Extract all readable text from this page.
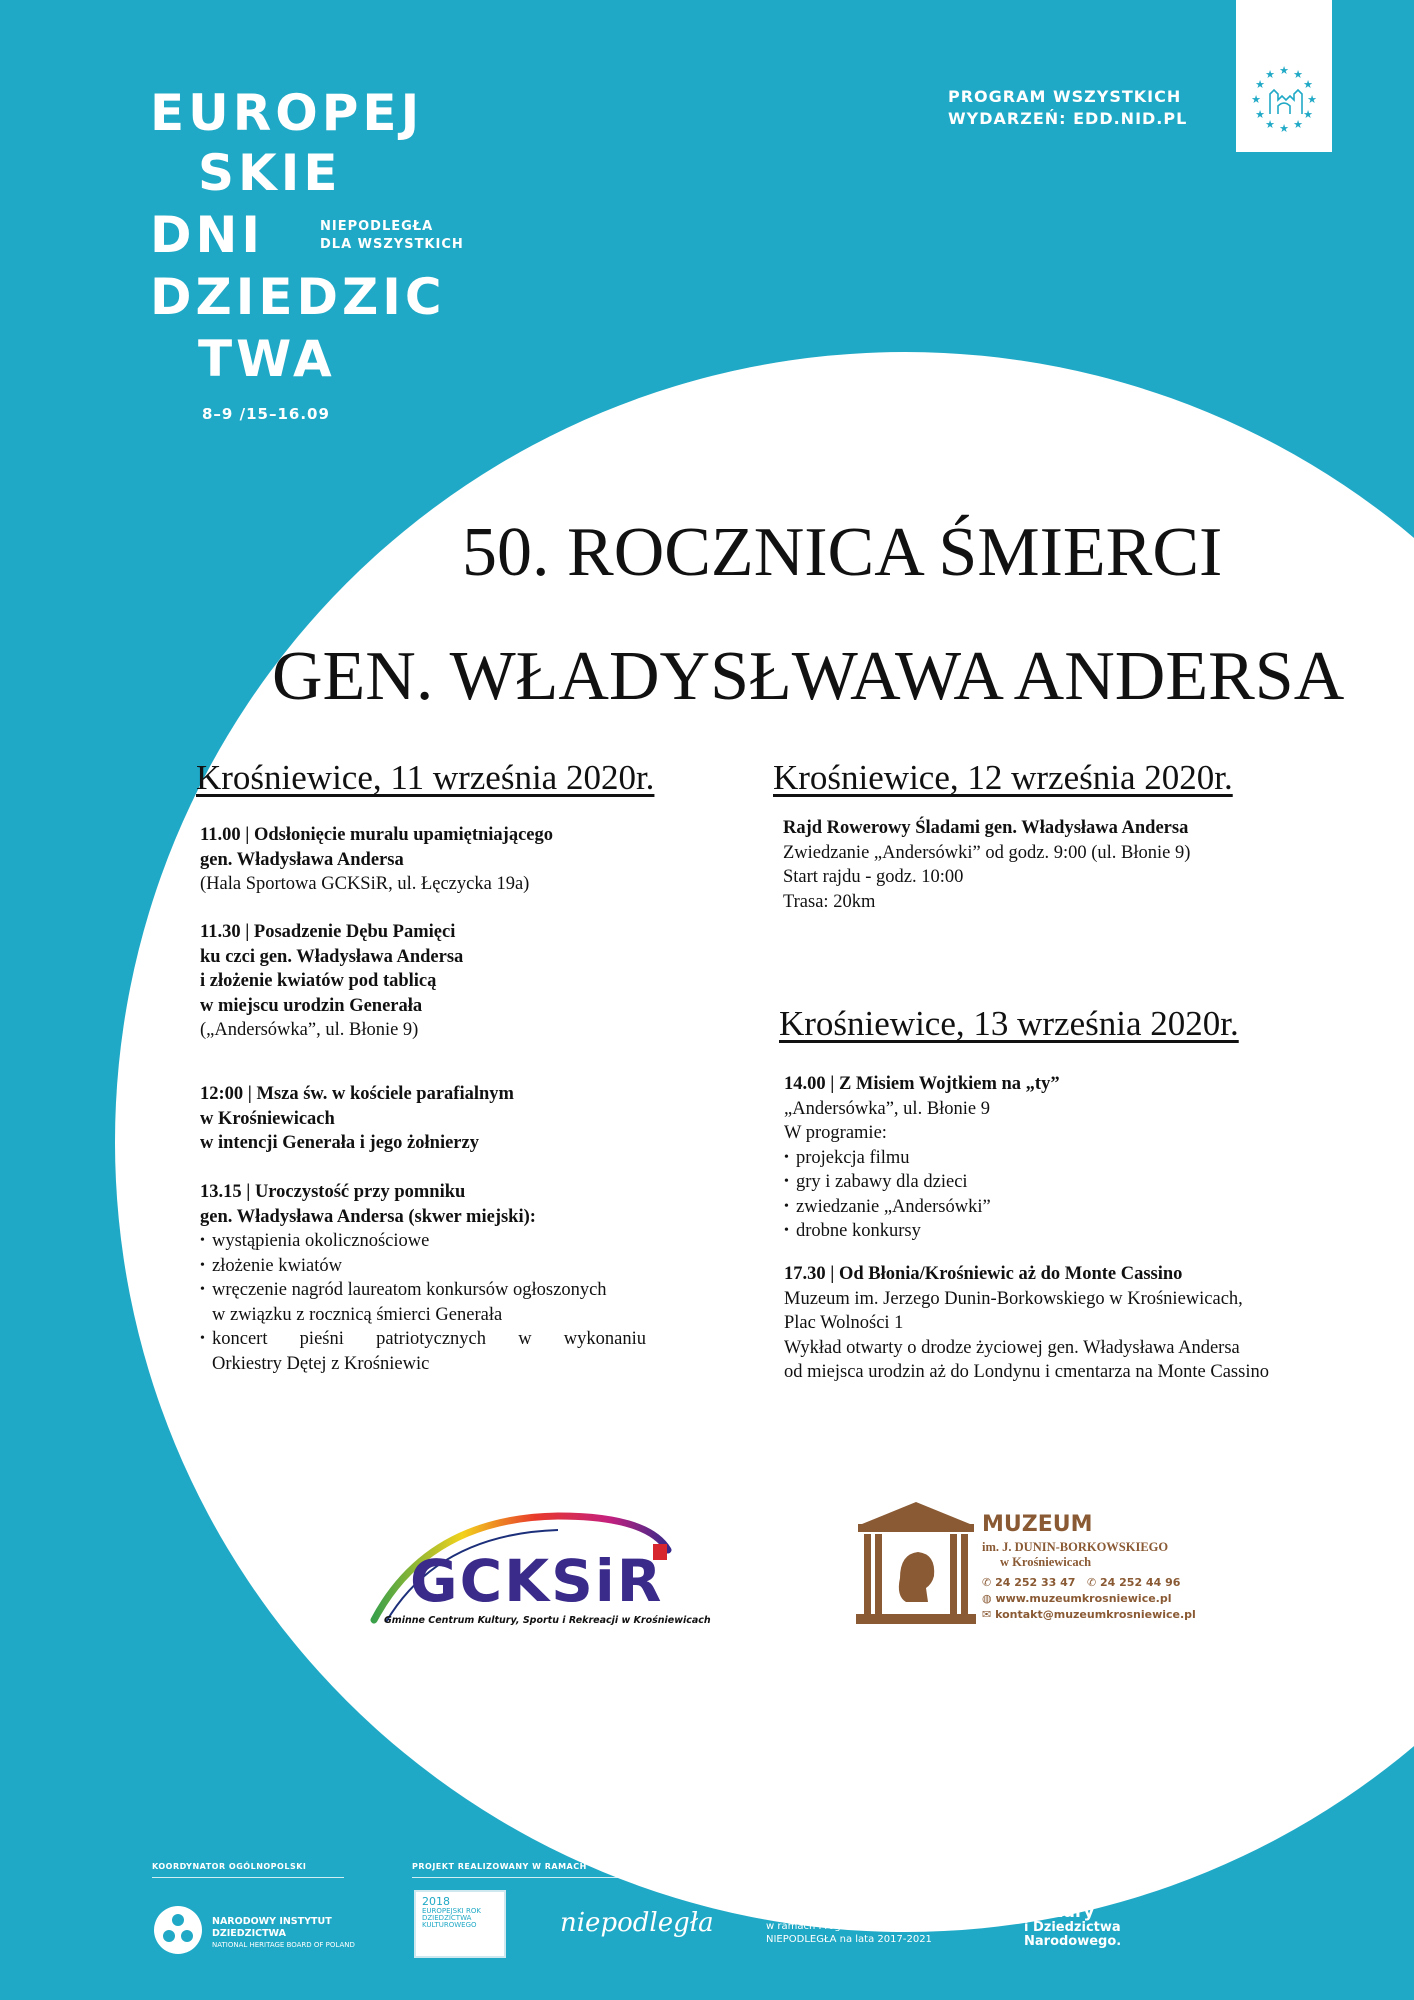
EUROPEJ
SKIE
DNI	NIEPODLEGŁA
DLA WSZYSTKICH
DZIEDZIC
TWA
8–9 /15–16.09
PROGRAM WSZYSTKICH
WYDARZEŃ: EDD.NID.PL
★ ★
★
★
★
★
★
★
★
★
★
★
50. ROCZNICA ŚMIERCI
GEN. WŁADYSŁWAWA ANDERSA
Krośniewice, 11 września 2020r.
11.00 | Odsłonięcie muralu upamiętniającego
gen. Władysława Andersa
(Hala Sportowa GCKSiR, ul. Łęczycka 19a)
11.30 | Posadzenie Dębu Pamięci
ku czci gen. Władysława Andersa
i złożenie kwiatów pod tablicą
w miejscu urodzin Generała
(„Andersówka”, ul. Błonie 9)
12:00 | Msza św. w kościele parafialnym
w Krośniewicach
w intencji Generała i jego żołnierzy
13.15 | Uroczystość przy pomniku
gen. Władysława Andersa (skwer miejski):
• wystąpienia okolicznościowe
• złożenie kwiatów
• wręczenie nagród laureatom konkursów ogłoszonych
w związku z rocznicą śmierci Generała
• koncert pieśni patriotycznych w wykonaniu
Orkiestry Dętej z Krośniewic
Krośniewice, 12 września 2020r.
Rajd Rowerowy Śladami gen. Władysława Andersa
Zwiedzanie „Andersówki” od godz. 9:00 (ul. Błonie 9)
Start rajdu - godz. 10:00
Trasa: 20km
Krośniewice, 13 września 2020r.
14.00 | Z Misiem Wojtkiem na „ty”
„Andersówka”, ul. Błonie 9
W programie:
• projekcja filmu
• gry i zabawy dla dzieci
• zwiedzanie „Andersówki”
• drobne konkursy
17.30 | Od Błonia/Krośniewic aż do Monte Cassino
Muzeum im. Jerzego Dunin-Borkowskiego w Krośniewicach,
Plac Wolności 1
Wykład otwarty o drodze życiowej gen. Władysława Andersa
od miejsca urodzin aż do Londynu i cmentarza na Monte Cassino
GCKSiR
Gminne Centrum Kultury, Sportu i Rekreacji w Krośniewicach
MUZEUM
im. J. DUNIN-BORKOWSKIEGO
w Krośniewicach
✆ 24 252 33 47 ✆ 24 252 44 96
◍ www.muzeumkrosniewice.pl
✉ kontakt@muzeumkrosniewice.pl
KOORDYNATOR OGÓLNOPOLSKI	PROJEKT REALIZOWANY W RAMACH	PATRONAT HONOROWY
NARODOWY INSTYTUT
DZIEDZICTWA
NATIONAL HERITAGE BOARD OF POLAND
2018
EUROPEJSKI ROK
DZIEDZICTWA
KULTUROWEGO	niepodległa
Dofinansowane ze środków Ministra
Kultury i Dziedzictwa Narodowego
w ramach Programu Wieloletniego
NIEPODLEGŁA na lata 2017-2021
Ministerstwo
Kultury
i Dziedzictwa
Narodowego.
